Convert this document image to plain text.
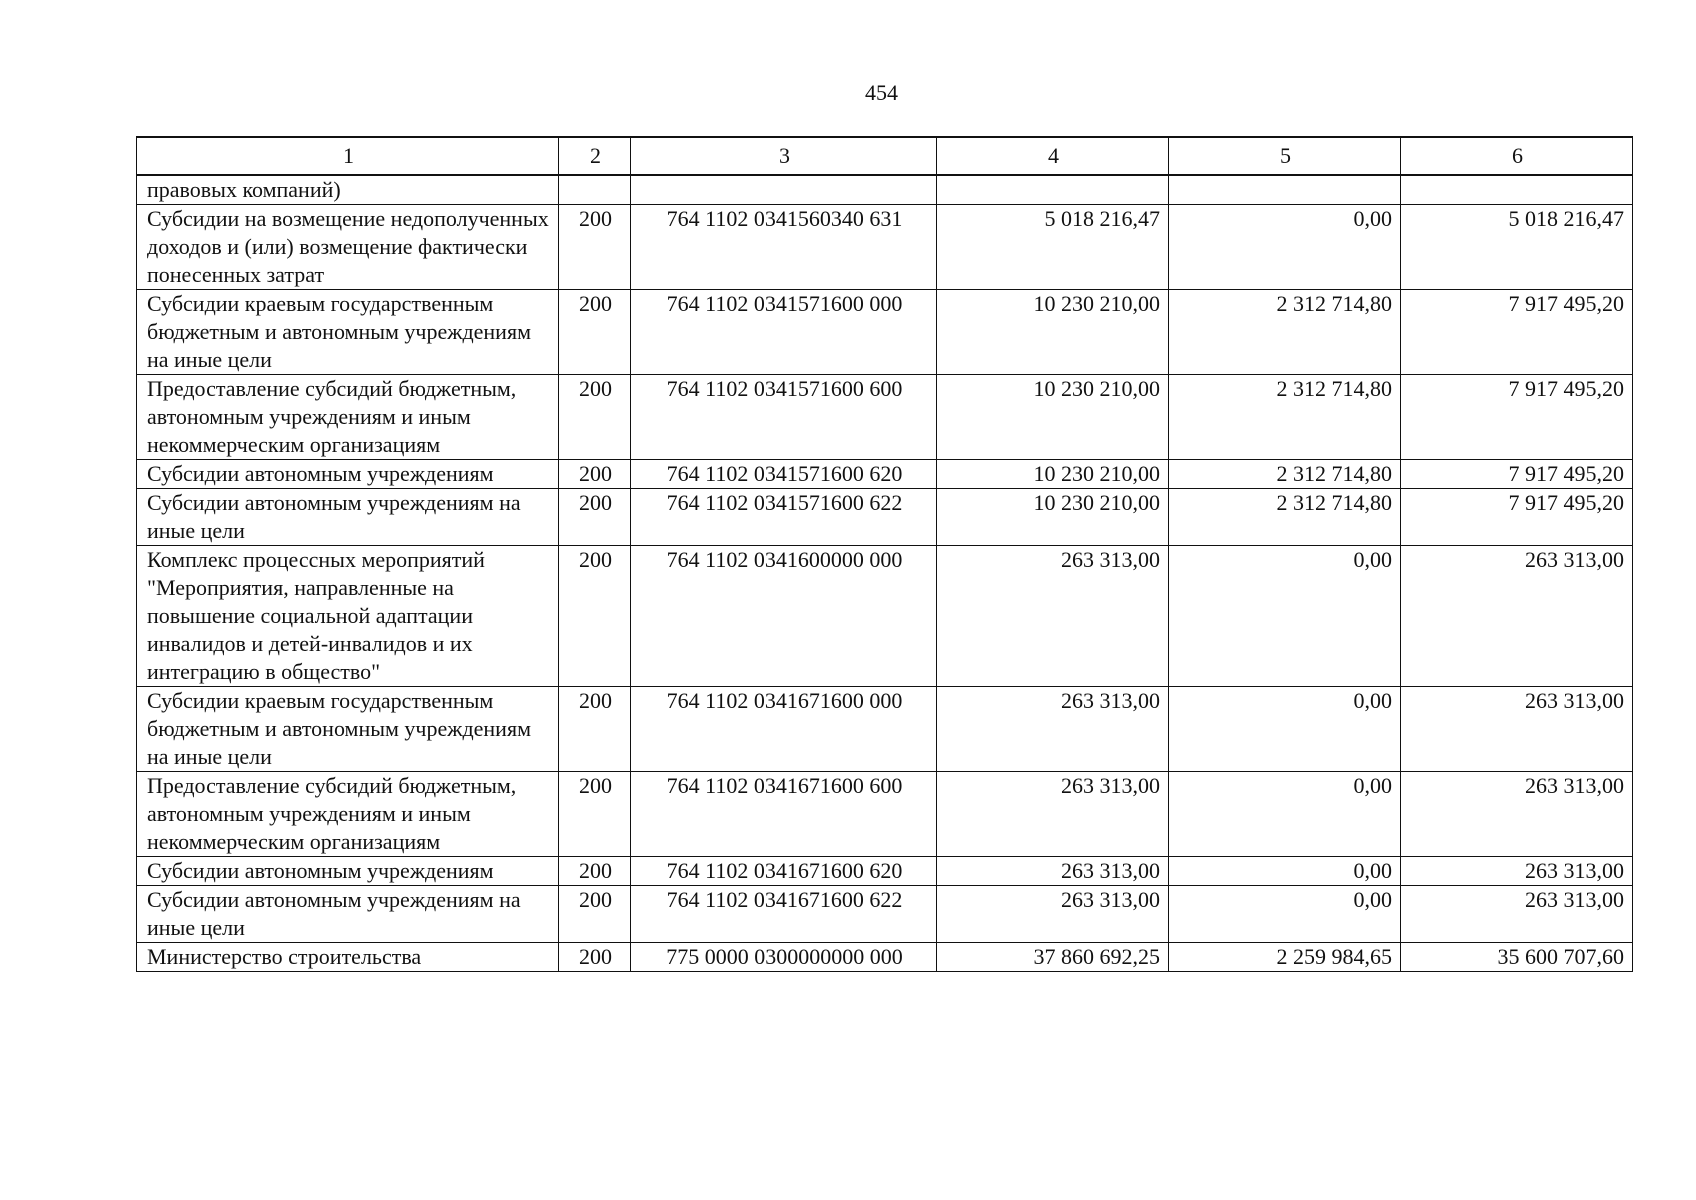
454
1	2	3	4	5	6
правовых компаний)					
Субсидии на возмещение недополученных доходов и (или) возмещение фактически понесенных затрат	200	764 1102 0341560340 631	5 018 216,47	0,00	5 018 216,47
Субсидии краевым государственным бюджетным и автономным учреждениям на иные цели	200	764 1102 0341571600 000	10 230 210,00	2 312 714,80	7 917 495,20
Предоставление субсидий бюджетным, автономным учреждениям и иным некоммерческим организациям	200	764 1102 0341571600 600	10 230 210,00	2 312 714,80	7 917 495,20
Субсидии автономным учреждениям	200	764 1102 0341571600 620	10 230 210,00	2 312 714,80	7 917 495,20
Субсидии автономным учреждениям на иные цели	200	764 1102 0341571600 622	10 230 210,00	2 312 714,80	7 917 495,20
Комплекс процессных мероприятий "Мероприятия, направленные на повышение социальной адаптации инвалидов и детей-инвалидов и их интеграцию в общество"	200	764 1102 0341600000 000	263 313,00	0,00	263 313,00
Субсидии краевым государственным бюджетным и автономным учреждениям на иные цели	200	764 1102 0341671600 000	263 313,00	0,00	263 313,00
Предоставление субсидий бюджетным, автономным учреждениям и иным некоммерческим организациям	200	764 1102 0341671600 600	263 313,00	0,00	263 313,00
Субсидии автономным учреждениям	200	764 1102 0341671600 620	263 313,00	0,00	263 313,00
Субсидии автономным учреждениям на иные цели	200	764 1102 0341671600 622	263 313,00	0,00	263 313,00
Министерство строительства	200	775 0000 0300000000 000	37 860 692,25	2 259 984,65	35 600 707,60
